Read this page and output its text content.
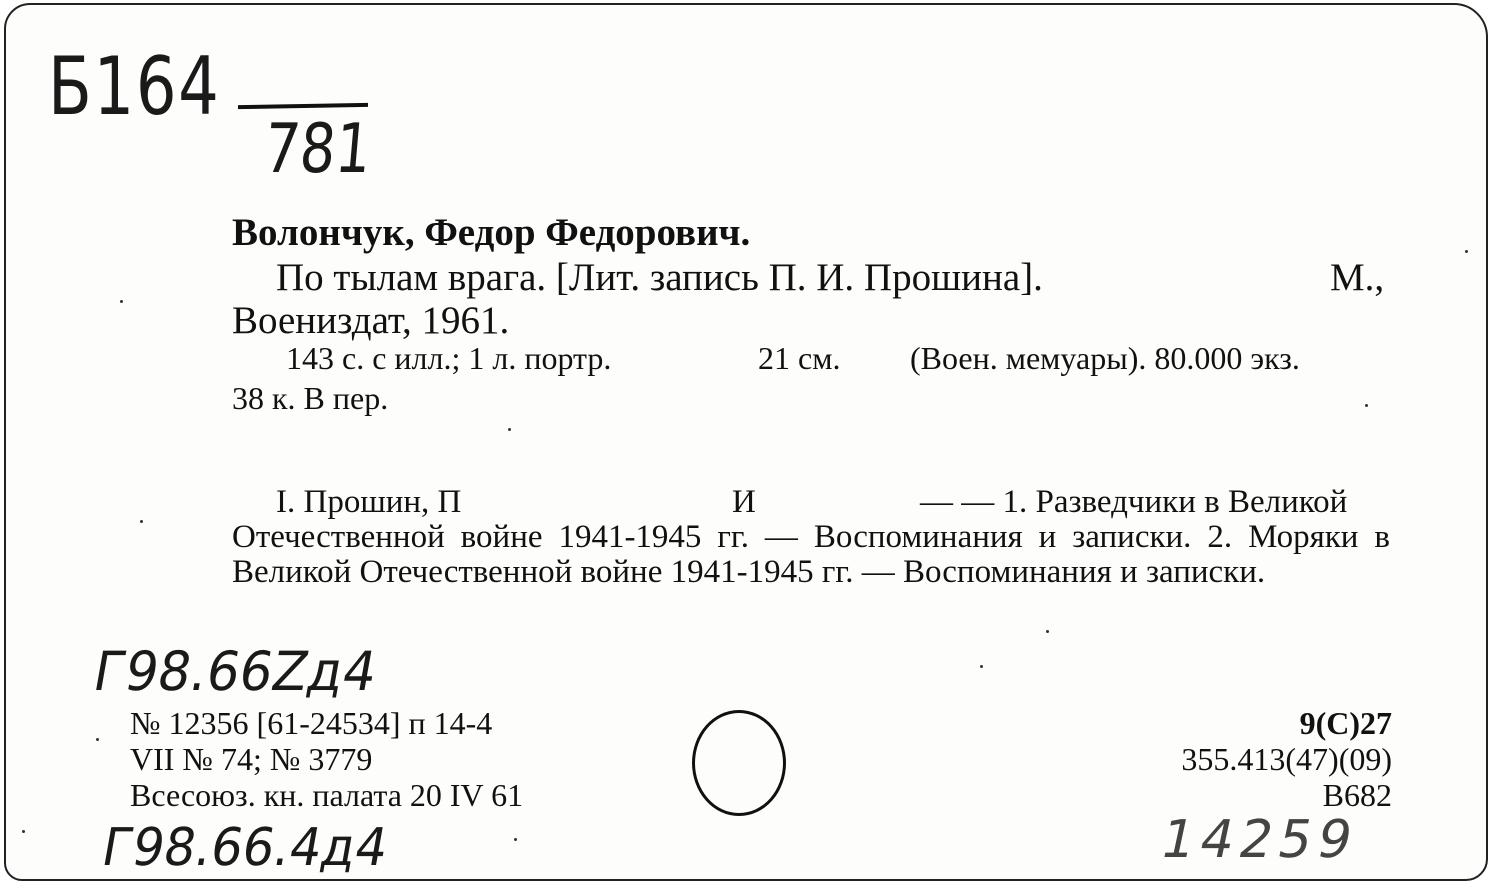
Б164
781
Волончук, Федор Федорович.
По тылам врага. [Лит. запись П. И. Прошина].	М.,
Воениздат, 1961.
143 с. с илл.; 1 л. портр.	21 см. (Воен. мемуары). 80.000 экз.
38 к. В пер.
I. Прошин, П	И	— — 1. Разведчики в Великой
Отечественной войне 1941-1945 гг. — Воспоминания и записки. 2. Моряки в Великой Отечественной войне 1941-1945 гг. — Воспоминания и записки.
Г98.66Zд4
№ 12356 [61-24534] п 14-4
VII № 74; № 3779
Всесоюз. кн. палата 20 IV 61
9(С)27
355.413(47)(09)
В682
Г98.66.4д4	14259
